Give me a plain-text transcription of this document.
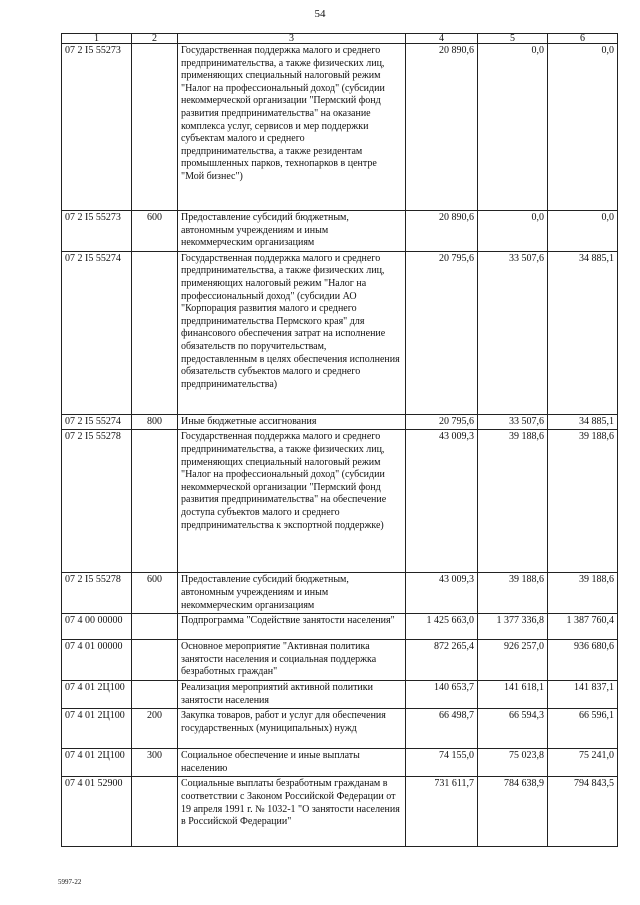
54
1	2	3	4	5	6
07 2 I5 55273		Государственная поддержка малого и среднего предпринимательства, а также физических лиц, применяющих специальный налоговый режим "Налог на профессиональный доход" (субсидии некоммерческой организации "Пермский фонд развития предпринимательства" на оказание комплекса услуг, сервисов и мер поддержки субъектам малого и среднего предпринимательства, а также резидентам промышленных парков, технопарков в центре "Мой бизнес")	20 890,6	0,0	0,0
07 2 I5 55273	600	Предоставление субсидий бюджетным, автономным учреждениям и иным некоммерческим организациям	20 890,6	0,0	0,0
07 2 I5 55274		Государственная поддержка малого и среднего предпринимательства, а также физических лиц, применяющих налоговый режим "Налог на профессиональный доход" (субсидии АО "Корпорация развития малого и среднего предпринимательства Пермского края" для финансового обеспечения затрат на исполнение обязательств по поручительствам, предоставленным в целях обеспечения исполнения обязательств субъектов малого и среднего предпринимательства)	20 795,6	33 507,6	34 885,1
07 2 I5 55274	800	Иные бюджетные ассигнования	20 795,6	33 507,6	34 885,1
07 2 I5 55278		Государственная поддержка малого и среднего предпринимательства, а также физических лиц, применяющих специальный налоговый режим "Налог на профессиональный доход" (субсидии некоммерческой организации "Пермский фонд развития предпринимательства" на обеспечение доступа субъектов малого и среднего предпринимательства к экспортной поддержке)	43 009,3	39 188,6	39 188,6
07 2 I5 55278	600	Предоставление субсидий бюджетным, автономным учреждениям и иным некоммерческим организациям	43 009,3	39 188,6	39 188,6
07 4 00 00000		Подпрограмма "Содействие занятости населения"	1 425 663,0	1 377 336,8	1 387 760,4
07 4 01 00000		Основное мероприятие "Активная политика занятости населения и социальная поддержка безработных граждан"	872 265,4	926 257,0	936 680,6
07 4 01 2Ц100		Реализация мероприятий активной политики занятости населения	140 653,7	141 618,1	141 837,1
07 4 01 2Ц100	200	Закупка товаров, работ и услуг для обеспечения государственных (муниципальных) нужд	66 498,7	66 594,3	66 596,1
07 4 01 2Ц100	300	Социальное обеспечение и иные выплаты населению	74 155,0	75 023,8	75 241,0
07 4 01 52900		Социальные выплаты безработным гражданам в соответствии с Законом Российской Федерации от 19 апреля 1991 г. № 1032-1 "О занятости населения в Российской Федерации"	731 611,7	784 638,9	794 843,5
5997-22
